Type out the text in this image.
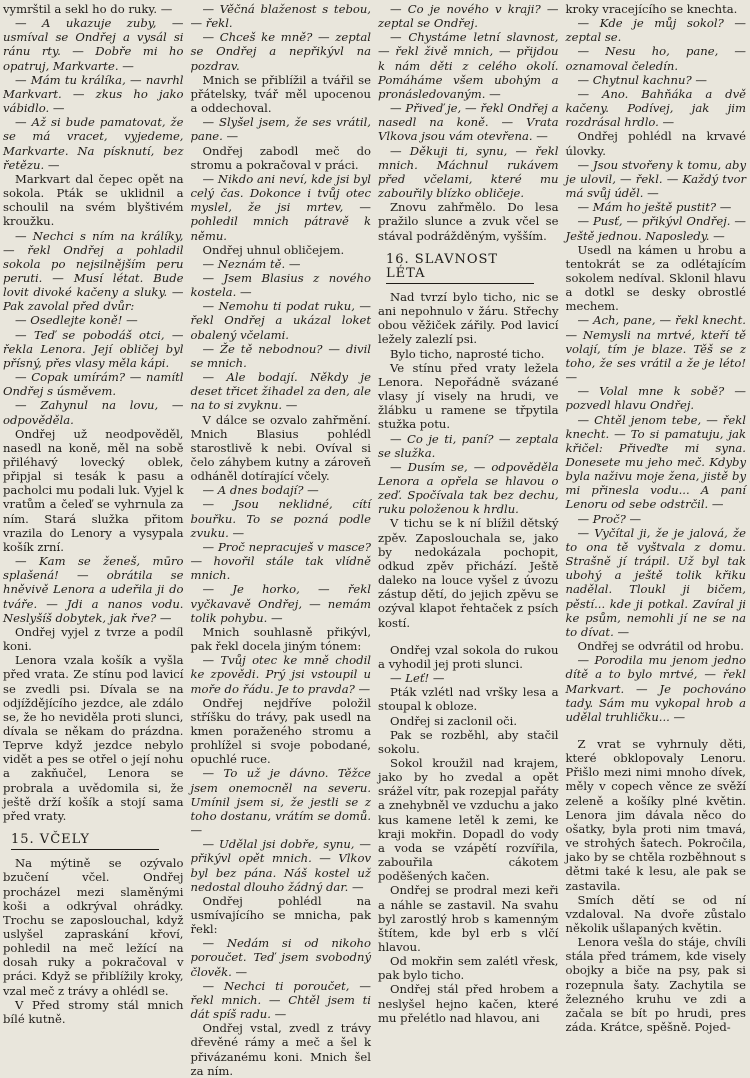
vymrštil a sekl ho do ruky. —

— A ukazuje zuby, — usmíval se Ondřej a vysál si ránu rty. — Dobře mi ho opatruj, Markvarte. —

— Mám tu králíka, — navrhl Markvart. — zkus ho jako vábidlo. —

— Až si bude pamatovat, že se má vracet, vyjedeme, Markvarte. Na písknutí, bez řetězu. —

Markvart dal čepec opět na sokola. Pták se uklidnil a schoulil na svém blyštivém kroužku.

— Nechci s ním na králíky, — řekl Ondřej a pohladil sokola po nejsilnějším peru peruti. — Musí létat. Bude lovit divoké kačeny a sluky. — Pak zavolal před dvůr:

— Osedlejte koně! —

— Teď se pobodáš otci, — řekla Lenora. Její obličej byl přísný, přes vlasy měla kápi.

— Copak umírám? — namítl Ondřej s úsměvem.

— Zahynul na lovu, — odpověděla.

Ondřej už neodpověděl, nasedl na koně, měl na sobě přiléhavý lovecký oblek, připjal si tesák k pasu a pacholci mu podali luk. Vyjel k vratům a čeleď se vyhrnula za ním. Stará služka přitom vrazila do Lenory a vysypala košík zrní.

— Kam se ženeš, mūro splašená! — obrátila se hněvivě Lenora a udeřila ji do tváře. — Jdi a nanos vodu. Neslyšíš dobytek, jak řve? —

Ondřej vyjel z tvrze a podíl koni.

Lenora vzala košík a vyšla před vrata. Ze stínu pod lavicí se zvedli psi. Dívala se na odjíždějícího jezdce, ale zdálo se, že ho neviděla proti slunci, dívala se někam do prázdna. Teprve když jezdce nebylo vidět a pes se otřel o její nohu a zakňučel, Lenora se probrala a uvědomila si, že ještě drží košík a stojí sama před vraty.

15. VČELY

Na mýtině se ozývalo bzučení včel. Ondřej procházel mezi slaměnými koši a odkrýval ohrádky. Trochu se zaposlouchal, když uslyšel zapraskání křoví, pohledil na meč ležící na dosah ruky a pokračoval v práci. Když se přiblížily kroky, vzal meč z trávy a ohlédl se.

V Před stromy stál mnich bílé kutně.

— Věčná blaženost s tebou, — řekl.

— Chceš ke mně? — zeptal se Ondřej a nepřikývl na pozdrav.

Mnich se přiblížil a tvářil se přátelsky, tvář měl upocenou a oddechoval.

— Slyšel jsem, že ses vrátil, pane. —

Ondřej zabodl meč do stromu a pokračoval v práci.

— Nikdo ani neví, kde jsi byl celý čas. Dokonce i tvůj otec myslel, že jsi mrtev, — pohledil mnich pátravě k němu.

Ondřej uhnul obličejem.

— Neznám tě. —

— Jsem Blasius z nového kostela. —

— Nemohu ti podat ruku, — řekl Ondřej a ukázal loket obalený včelami.

— Že tě nebodnou? — divil se mnich.

— Ale bodají. Někdy je deset třicet žihadel za den, ale na to si zvyknu. —

V dálce se ozvalo zahřmění. Mnich Blasius pohlédl starostlivě k nebi. Ovíval si čelo záhybem kutny a zároveň odháněl dotírající včely.

— A dnes bodají? —

— Jsou neklidné, cítí bouřku. To se pozná podle zvuku. —

— Proč nepracuješ v masce? — hovořil stále tak vlídně mnich.

— Je horko, — řekl vyčkavavě Ondřej, — nemám tolik pohybu. —

Mnich souhlasně přikývl, pak řekl docela jiným tónem:

— Tvůj otec ke mně chodil ke zpovědi. Prý jsi vstoupil u moře do řádu. Je to pravda? —

Ondřej nejdříve položil stříšku do trávy, pak usedl na kmen poraženého stromu a prohlížel si svoje pobodané, opuchlé ruce.

— To už je dávno. Těžce jsem onemocněl na severu. Umínil jsem si, že jestli se z toho dostanu, vrátím se domů. —

— Udělal jsi dobře, synu, — přikývl opět mnich. — Vlkov byl bez pána. Náš kostel už nedostal dlouho žádný dar. —

Ondřej pohlédl na usmívajícího se mnicha, pak řekl:

— Nedám si od nikoho poroučet. Teď jsem svobodný člověk. —

— Nechci ti poroučet, — řekl mnich. — Chtěl jsem ti dát spíš radu. —

Ondřej vstal, zvedl z trávy dřevěné rámy a meč a šel k přivázanému koni. Mnich šel za ním.

— Co je nového v kraji? — zeptal se Ondřej.

— Chystáme letní slavnost, — řekl živě mnich, — přijdou k nám děti z celého okolí. Pomáháme všem ubohým a pronásledovaným. —

— Přiveď je, — řekl Ondřej a nasedl na koně. — Vrata Vlkova jsou vám otevřena. —

— Děkuji ti, synu, — řekl mnich. Máchnul rukávem před včelami, které mu zabouřily blízko obličeje.

Znovu zahřmělo. Do lesa pražilo slunce a zvuk včel se stával podrážděným, vyšším.

16. SLAVNOST LÉTA

Nad tvrzí bylo ticho, nic se ani nepohnulo v žáru. Střechy obou věžiček zářily. Pod lavicí ležely zalezlí psi.

Bylo ticho, naprosté ticho.

Ve stínu před vraty ležela Lenora. Nepořádně svázané vlasy jí visely na hrudi, ve žlábku u ramene se třpytila stužka potu.

— Co je ti, paní? — zeptala se služka.

— Dusím se, — odpověděla Lenora a opřela se hlavou o zeď. Spočívala tak bez dechu, ruku položenou k hrdlu.

V tichu se k ní blížil dětský zpěv. Zaposlouchala se, jako by nedokázala pochopit, odkud zpěv přichází. Ještě daleko na louce vyšel z úvozu zástup dětí, do jejich zpěvu se ozýval klapot řehtaček z psích kostí.

Ondřej vzal sokola do rukou a vyhodil jej proti slunci.

— Leť! —

Pták vzlétl nad vršky lesa a stoupal k obloze.

Ondřej si zaclonil oči.

Pak se rozběhl, aby stačil sokolu.

Sokol kroužil nad krajem, jako by ho zvedal a opět srážel vítr, pak rozepjal pařáty a znehybněl ve vzduchu a jako kus kamene letěl k zemi, ke kraji mokřin. Dopadl do vody a voda se vzápětí rozvířila, zabouřila cákotem poděšených kačen.

Ondřej se prodral mezi keři a náhle se zastavil. Na svahu byl zarostlý hrob s kamenným štítem, kde byl erb s vlčí hlavou.

Od mokřin sem zalétl vřesk, pak bylo ticho.

Ondřej stál před hrobem a neslyšel hejno kačen, které mu přelétlo nad hlavou, ani

kroky vracejícího se knechta.

— Kde je můj sokol? — zeptal se.

— Nesu ho, pane, — oznamoval čeledín.

— Chytnul kachnu? —

— Ano. Bahňáka a dvě kačeny. Podívej, jak jim rozdrásal hrdlo. —

Ondřej pohlédl na krvavé úlovky.

— Jsou stvořeny k tomu, aby je ulovil, — řekl. — Každý tvor má svůj úděl. —

— Mám ho ještě pustit? —

— Pusť, — přikývl Ondřej. — Ještě jednou. Naposledy. —

Usedl na kámen u hrobu a tentokrát se za odlétajícím sokolem nedíval. Sklonil hlavu a dotkl se desky obrostlé mechem.

— Ach, pane, — řekl knecht. — Nemysli na mrtvé, kteří tě volají, tím je blaze. Těš se z toho, že ses vrátil a že je léto! —

— Volal mne k sobě? — pozvedl hlavu Ondřej.

— Chtěl jenom tebe, — řekl knecht. — To si pamatuju, jak křičel: Přiveďte mi syna. Donesete mu jeho meč. Kdyby byla naživu moje žena, jistě by mi přinesla vodu... A paní Lenoru od sebe odstrčil. —

— Proč? —

— Vyčítal ji, že je jalová, že to ona tě vyštvala z domu. Strašně jí trápil. Už byl tak ubohý a ještě tolik křiku nadělal. Tloukl ji bičem, pěstí... kde ji potkal. Zavíral ji ke psům, nemohli jí ne se na to dívat. —

Ondřej se odvrátil od hrobu.

— Porodila mu jenom jedno dítě a to bylo mrtvé, — řekl Markvart. — Je pochováno tady. Sám mu vykopal hrob a udělal truhličku... —

Z vrat se vyhrnuly děti, které obklopovaly Lenoru. Přišlo mezi nimi mnoho dívek, měly v copech věnce ze svěží zeleně a košíky plné květin. Lenora jim dávala něco do ošatky, byla proti nim tmavá, ve strohých šatech. Pokročila, jako by se chtěla rozběhnout s dětmi také k lesu, ale pak se zastavila.

Smích dětí se od ní vzdaloval. Na dvoře zůstalo několik ušlapaných květin.

Lenora vešla do stáje, chvíli stála před trámem, kde visely obojky a biče na psy, pak si rozepnula šaty. Zachytila se železného kruhu ve zdi a začala se bít po hrudi, pres záda. Krátce, spěšně. Pojed-
